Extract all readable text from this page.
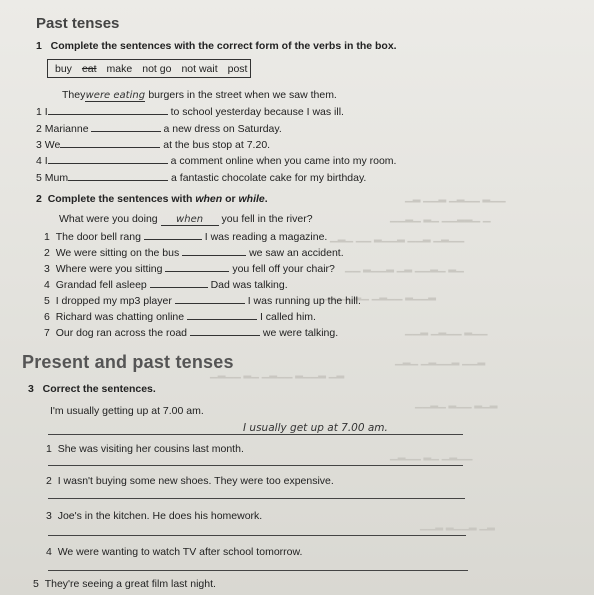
▁▂ ▁▁▂ ▁▂▁▁ ▂▁▁
▁▁▂▁ ▂▁ ▁▁▂▂▁ ▁
▁▂▁ ▁▁ ▂▁▁▂ ▁▁▂ ▁▂▁▁
▁▁ ▂▁▁▂ ▁▂ ▁▁▂▁ ▂▁
▁▂▁▁ ▂▁ ▁▂▁▁ ▂▁▁▂
▁▁▂ ▁▂▁▁ ▂▁▁
▁▂▁ ▁▂▁▁▂ ▁▁▂
▁▂▁▁ ▂▁ ▁▂▁▁ ▂▁▁▂ ▁▂
▁▁▂▁ ▂▁▁ ▂▁▂
▁▂▁▁ ▂▁ ▁▂▁▁
▁▁▂ ▂▁▁▂ ▁▂
Past tenses
1 Complete the sentences with the correct form of the verbs in the box.
buy eat make not go not wait post
Theywere eating burgers in the street when we saw them.
1 I	to school yesterday because I was ill.
2 Marianne	a new dress on Saturday.
3 We	at the bus stop at 7.20.
4 I	a comment online when you came into my room.
5 Mum	a fantastic chocolate cake for my birthday.
2 Complete the sentences with when or while.
What were you doing when you fell in the river?
1 The door bell rang	I was reading a magazine.
2 We were sitting on the bus	we saw an accident.
3 Where were you sitting	you fell off your chair?
4 Grandad fell asleep	Dad was talking.
5 I dropped my mp3 player	I was running up the hill.
6 Richard was chatting online	I called him.
7 Our dog ran across the road	we were talking.
Present and past tenses
3 Correct the sentences.
I'm usually getting up at 7.00 am.
I usually get up at 7.00 am.
1 She was visiting her cousins last month.
2 I wasn't buying some new shoes. They were too expensive.
3 Joe's in the kitchen. He does his homework.
4 We were wanting to watch TV after school tomorrow.
5 They're seeing a great film last night.
